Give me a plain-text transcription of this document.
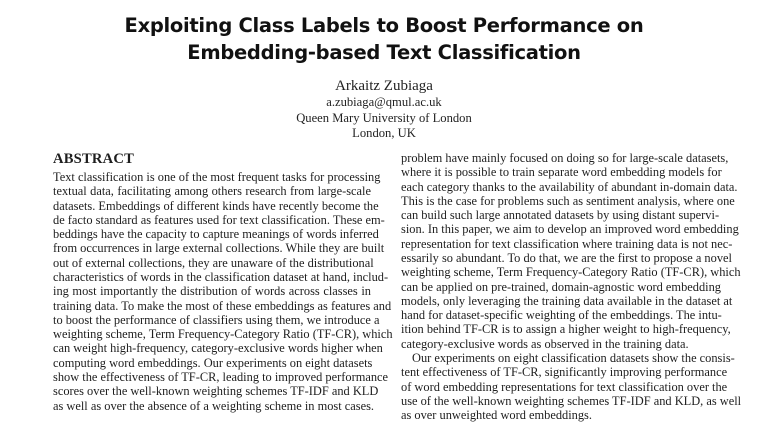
Exploiting Class Labels to Boost Performance on
Embedding-based Text Classification
Arkaitz Zubiaga
a.zubiaga@qmul.ac.uk
Queen Mary University of London
London, UK
ABSTRACT
Text classification is one of the most frequent tasks for processing
textual data, facilitating among others research from large-scale
datasets. Embeddings of different kinds have recently become the
de facto standard as features used for text classification. These em-
beddings have the capacity to capture meanings of words inferred
from occurrences in large external collections. While they are built
out of external collections, they are unaware of the distributional
characteristics of words in the classification dataset at hand, includ-
ing most importantly the distribution of words across classes in
training data. To make the most of these embeddings as features and
to boost the performance of classifiers using them, we introduce a
weighting scheme, Term Frequency-Category Ratio (TF-CR), which
can weight high-frequency, category-exclusive words higher when
computing word embeddings. Our experiments on eight datasets
show the effectiveness of TF-CR, leading to improved performance
scores over the well-known weighting schemes TF-IDF and KLD
as well as over the absence of a weighting scheme in most cases.
problem have mainly focused on doing so for large-scale datasets,
where it is possible to train separate word embedding models for
each category thanks to the availability of abundant in-domain data.
This is the case for problems such as sentiment analysis, where one
can build such large annotated datasets by using distant supervi-
sion. In this paper, we aim to develop an improved word embedding
representation for text classification where training data is not nec-
essarily so abundant. To do that, we are the first to propose a novel
weighting scheme, Term Frequency-Category Ratio (TF-CR), which
can be applied on pre-trained, domain-agnostic word embedding
models, only leveraging the training data available in the dataset at
hand for dataset-specific weighting of the embeddings. The intu-
ition behind TF-CR is to assign a higher weight to high-frequency,
category-exclusive words as observed in the training data.
Our experiments on eight classification datasets show the consis-
tent effectiveness of TF-CR, significantly improving performance
of word embedding representations for text classification over the
use of the well-known weighting schemes TF-IDF and KLD, as well
as over unweighted word embeddings.
